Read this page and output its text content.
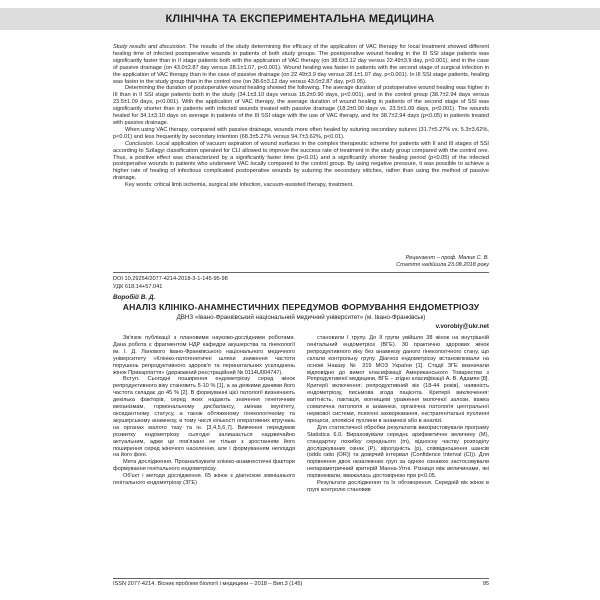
КЛІНІЧНА ТА ЕКСПЕРИМЕНТАЛЬНА МЕДИЦИНА

Study results and discussion. The results of the study determining the efficacy of the application of VAC therapy for local treatment showed different healing time of infected postoperative wounds in patients of both study groups. The postoperative wound healing in the III SSI stage patients was significantly faster than in II stage patients both with the application of VAC therapy (on 38.6±3.12 day versus 22.49±3.9 day, p<0.001), and in the case of passive drainage (on 43.0±2.87 day versus 28.1±1.07, p<0.001). Wound healing was faster in patients with the second stage of surgical infection in the application of VAC therapy than in the case of passive drainage (on 22.49±3.9 day versus 28.1±1.07 day, p<0.001). In III SSI stage patients, healing was faster in the study group than in the control one (on 38.6±3.12 day versus 43.0±2.87 day, p<0.05).

Determining the duration of postoperative wound healing showed the following. The average duration of postoperative wound healing was higher in III than in II SSI stage patients both in the study (34.1±3.10 days versus 18.2±0.90 days, p<0.001), and in the control group (38.7±2.94 days versus 23.5±1.09 days, p<0.001). With the application of VAC therapy, the average duration of wound healing in patients of the second stage of SSI was significantly shorter than in patients with infected wounds treated with passive drainage (18.2±0.90 days vs. 23.5±1.09 days, p<0.001). The wounds healed for 34.1±3.10 days on average in patients of the III SSI stage with the use of VAC therapy, and for 38.7±2.94 days (p<0.05) in patients treated with passive drainage.

When using VAC therapy, compared with passive drainage, wounds more often healed by suturing secondary sutures (31.7±5.27% vs. 5.3±3.62%, p<0.01) and less frequently by secondary intention (68.3±5.27% versus 94.7±3.62%, p<0.01).

Conclusion. Local application of vacuum aspiration of wound surfaces in the complex therapeutic scheme for patients with II and III stages of SSI according to Szilagyi classification operated for CLI allowed to improve the success rate of treatment in the study group compared with the control one. Thus, a positive effect was characterized by a significantly faster time (p<0.01) and a significantly shorter healing period (p<0.05) of the infected postoperative wounds in patients who underwent VAC locally compared to the control group. By using negative pressure, it was possible to achieve a higher rate of healing of infectious complicated postoperative wounds by suturing the secondary stitches, rather than using the method of passive drainage.

Key words: critical limb ischemia, surgical site infection, vacuum-assisted therapy, treatment.

Рецензент – проф. Малик С. В.
Стаття надійшла 23.08.2018 року
DOI 10.29254/2077-4214-2018-3-1-145-95-98
УДК 618.14+57.041
Воробій В. Д.
АНАЛІЗ КЛІНІКО-АНАМНЕСТИЧНИХ ПЕРЕДУМОВ ФОРМУВАННЯ ЕНДОМЕТРІОЗУ
ДВНЗ «Івано-Франківський національний медичний університет» (м. Івано-Франківськ)
v.vorobiy@ukr.net

Зв'язок публікації з плановими науково-дослідними роботами. Дана робота є фрагментом НДР кафедри акушерства та гінекології ім. І. Д. Ланового Івано-Франківського національного медичного університету «Клініко-патогенетичні шляхи зниження частоти порушень репродуктивного здоров'я та перинатальних ускладнень жінок Прикарпаття» (державний реєстраційний № 0114U004747).

Вступ. Сьогодні поширення ендометріозу серед жінок репродуктивного віку становить 5-10 % [1], а за деякими даними його частота складає до 45 % [2]. В формуванні цієї патології визначають декілька факторів, серед яких надають значення генетичним механізмам, гормональному дисбалансу, змінам імунітету, оксидантному статусу, а також обтяженому гінекологічному та акушерському анамнезу, в тому числі кількості оперативних втручань на органах малого тазу та ін. [3,4,5,6,7]. Вивчення передумов розвитку ендометріозу сьогодні залишається надзвичайно актуальним, адже це пов'язано не тільки з зростанням його поширення серед жіночого населення, але і формуванням непліддя на його фоні.

Мета дослідження. Проаналізувати клініко-анамнестичні фактори формування генітального ендометріозу.

Об'єкт і методи дослідження. 65 жінок з діагнозом зовнішнього генітального ендометріозу (ЗГЕ)

становили І групу. До ІІ групи увійшло 38 жінок на внутрішній генітальний ендометріоз (ВГЕ). 30 практично здорових жінок репродуктивного віку без анамнезу даного гінекологічного стану, що склали контрольну групу. Діагноз ендометріозу встановлювали на основі Наказу № 319 МОЗ України [1]. Стадії ЗГЕ визначали відповідно до вимог класифікації Американського Товариства з Репродуктивної медицини, ВГЕ – згідно класифікації А. В. Адамян [8]. Критерії включення: репродуктивний вік (18-44 років), наявність ендометріозу, письмова згода пацієнта. Критерії виключення: вагітність, лактація, вогнищеві ураження молочної залози, важка соматична патологія в анамнезі, органічна патологія центральної нервової системи, психічні захворювання, екстрагенітальні пухлинні процеси, злоякісні пухлини в анамнезі або в аналізі.

Для статистичної обробки результатів використовували програму Statistica 6.0. Вираховували середнє арифметичне величину (M), стандартну похибку середнього (m), відносну частку розподілу досліджуваних ознак (P), вірогідність (p), співвідношення шансів (odds ratio (OR)) та довірчий інтервал (Confidence Interval (CI)). Для порівняння двох незалежних груп за одною ознакою застосовували непараметричний критерій Манна-Уітні. Різниця між величинами, які порівнювали, вважалась достовірною при p<0.05.

Результати дослідження та їх обговорення. Середній вік жінок в групі контролю становив

ISSN 2077-4214. Вісник проблем біології і медицини – 2018 – Вип.3 (145)	95
